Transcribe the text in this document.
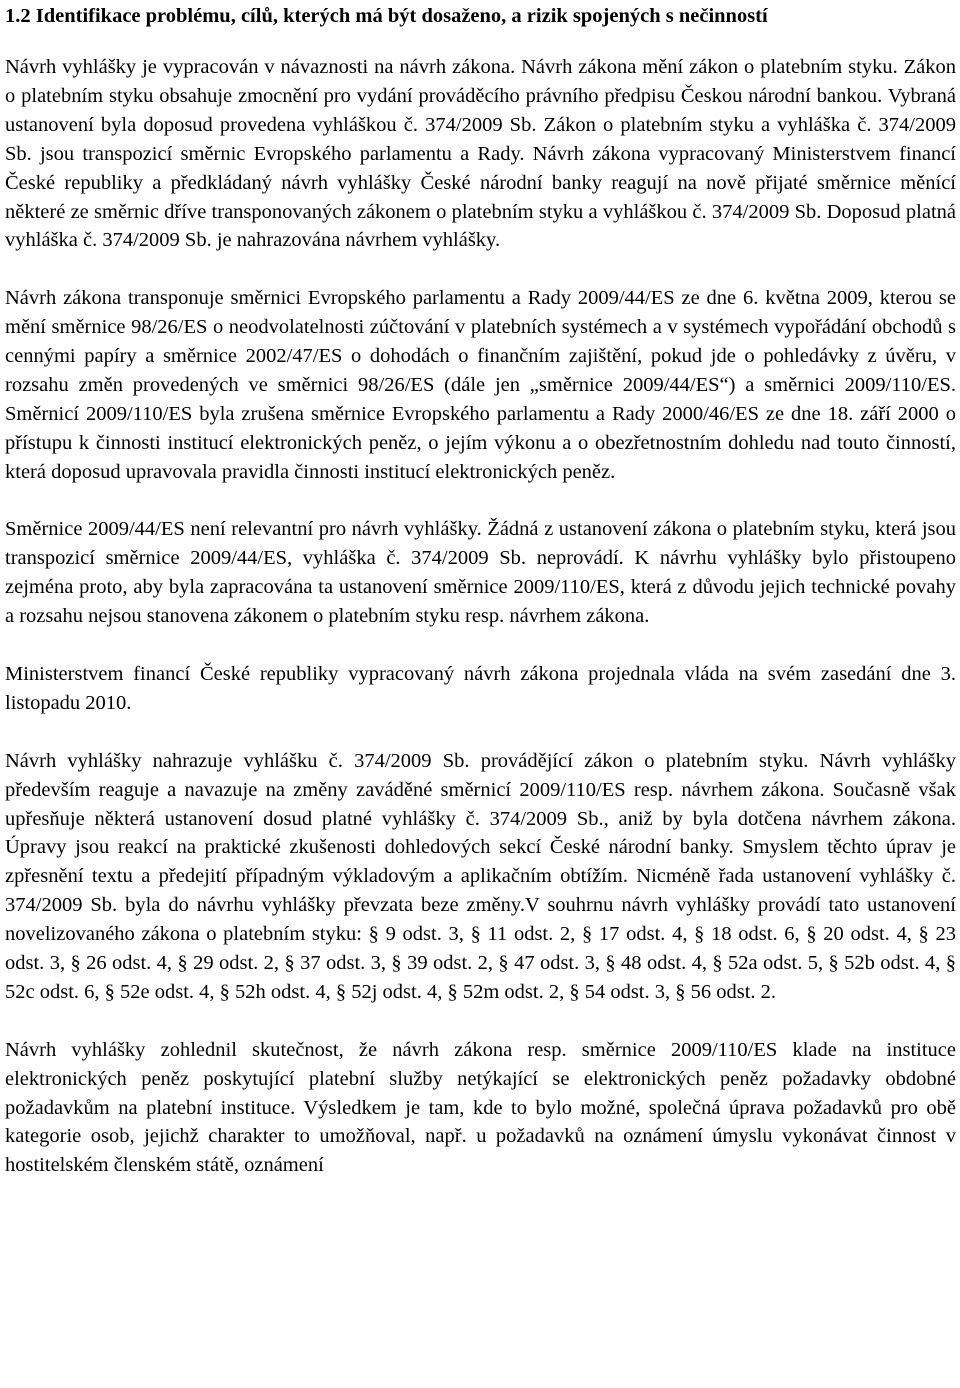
1.2 Identifikace problému, cílů, kterých má být dosaženo, a rizik spojených s nečinností

Návrh vyhlášky je vypracován v návaznosti na návrh zákona. Návrh zákona mění zákon o platebním styku. Zákon o platebním styku obsahuje zmocnění pro vydání prováděcího právního předpisu Českou národní bankou. Vybraná ustanovení byla doposud provedena vyhláškou č. 374/2009 Sb. Zákon o platebním styku a vyhláška č. 374/2009 Sb. jsou transpozicí směrnic Evropského parlamentu a Rady. Návrh zákona vypracovaný Ministerstvem financí České republiky a předkládaný návrh vyhlášky České národní banky reagují na nově přijaté směrnice měnící některé ze směrnic dříve transponovaných zákonem o platebním styku a vyhláškou č. 374/2009 Sb. Doposud platná vyhláška č. 374/2009 Sb. je nahrazována návrhem vyhlášky.

Návrh zákona transponuje směrnici Evropského parlamentu a Rady 2009/44/ES ze dne 6. května 2009, kterou se mění směrnice 98/26/ES o neodvolatelnosti zúčtování v platebních systémech a v systémech vypořádání obchodů s cennými papíry a směrnice 2002/47/ES o dohodách o finančním zajištění, pokud jde o pohledávky z úvěru, v rozsahu změn provedených ve směrnici 98/26/ES (dále jen „směrnice 2009/44/ES“) a směrnici 2009/110/ES. Směrnicí 2009/110/ES byla zrušena směrnice Evropského parlamentu a Rady 2000/46/ES ze dne 18. září 2000 o přístupu k činnosti institucí elektronických peněz, o jejím výkonu a o obezřetnostním dohledu nad touto činností, která doposud upravovala pravidla činnosti institucí elektronických peněz.

Směrnice 2009/44/ES není relevantní pro návrh vyhlášky. Žádná z ustanovení zákona o platebním styku, která jsou transpozicí směrnice 2009/44/ES, vyhláška č. 374/2009 Sb. neprovádí. K návrhu vyhlášky bylo přistoupeno zejména proto, aby byla zapracována ta ustanovení směrnice 2009/110/ES, která z důvodu jejich technické povahy a rozsahu nejsou stanovena zákonem o platebním styku resp. návrhem zákona.

Ministerstvem financí České republiky vypracovaný návrh zákona projednala vláda na svém zasedání dne 3. listopadu 2010.

Návrh vyhlášky nahrazuje vyhlášku č. 374/2009 Sb. prováděјící zákon o platebním styku. Návrh vyhlášky především reaguje a navazuje na změny zaváděné směrnicí 2009/110/ES resp. návrhem zákona. Současně však upřesňuje některá ustanovení dosud platné vyhlášky č. 374/2009 Sb., aniž by byla dotčena návrhem zákona. Úpravy jsou reakcí na praktické zkušenosti dohledových sekcí České národní banky. Smyslem těchto úprav je zpřesnění textu a předejití případným výkladovým a aplikačním obtížím. Nicméně řada ustanovení vyhlášky č. 374/2009 Sb. byla do návrhu vyhlášky převzata beze změny.V souhrnu návrh vyhlášky provádí tato ustanovení novelizovaného zákona o platebním styku: § 9 odst. 3, § 11 odst. 2, § 17 odst. 4, § 18 odst. 6, § 20 odst. 4, § 23 odst. 3, § 26 odst. 4, § 29 odst. 2, § 37 odst. 3, § 39 odst. 2, § 47 odst. 3, § 48 odst. 4, § 52a odst. 5, § 52b odst. 4, § 52c odst. 6, § 52e odst. 4, § 52h odst. 4, § 52j odst. 4, § 52m odst. 2, § 54 odst. 3, § 56 odst. 2.

Návrh vyhlášky zohlednil skutečnost, že návrh zákona resp. směrnice 2009/110/ES klade na instituce elektronických peněz poskytující platební služby netýkající se elektronických peněz požadavky obdobné požadavkům na platební instituce. Výsledkem je tam, kde to bylo možné, společná úprava požadavků pro obě kategorie osob, jejichž charakter to umožňoval, např. u požadavků na oznámení úmyslu vykonávat činnost v hostitelském členském státě, oznámení
